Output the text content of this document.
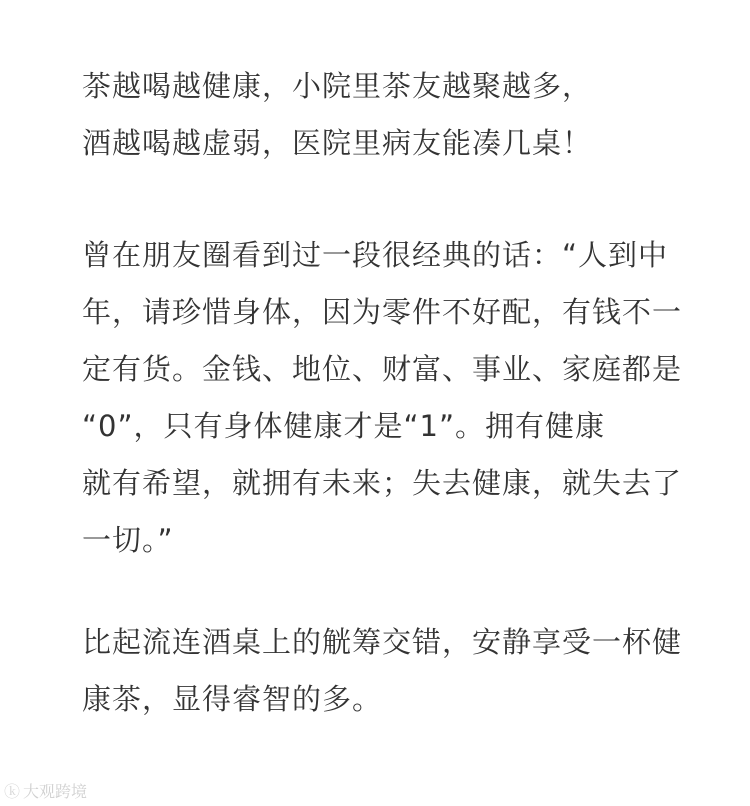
茶越喝越健康，小院里茶友越聚越多，
酒越喝越虚弱，医院里病友能凑几桌！

曾在朋友圈看到过一段很经典的话：“人到中
年，请珍惜身体，因为零件不好配，有钱不一
定有货。金钱、地位、财富、事业、家庭都是
“0”，只有身体健康才是“1”。拥有健康
就有希望，就拥有未来；失去健康，就失去了
一切。”

比起流连酒桌上的觥筹交错，安静享受一杯健
康茶，显得睿智的多。

ⓚ 大观跨境
